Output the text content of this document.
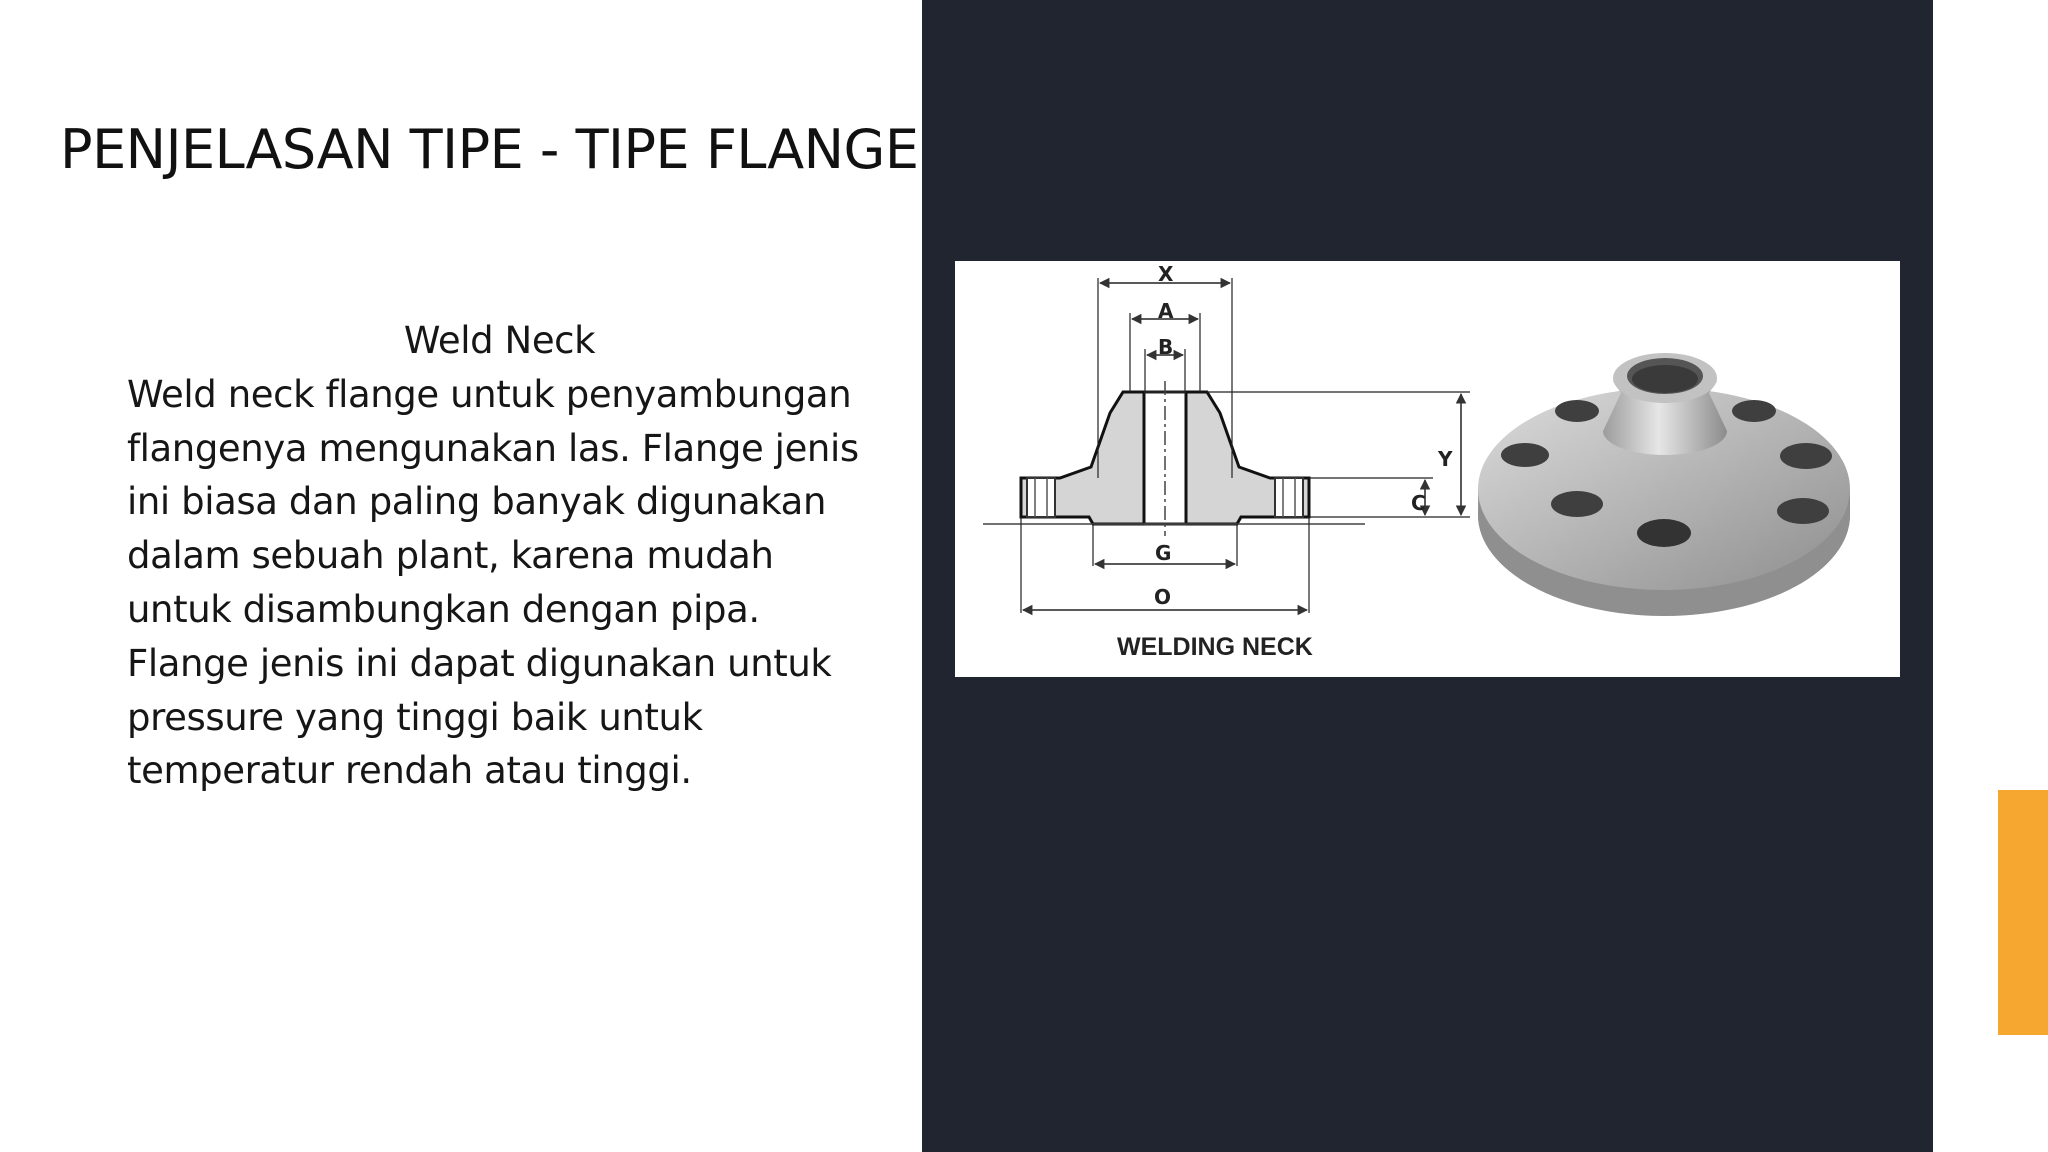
PENJELASAN TIPE - TIPE FLANGE
Weld Neck
Weld neck flange untuk penyambungan
flangenya mengunakan las. Flange jenis
ini biasa dan paling banyak digunakan
dalam sebuah plant, karena mudah
untuk disambungkan dengan pipa.
Flange jenis ini dapat digunakan untuk
pressure yang tinggi baik untuk
temperatur rendah atau tinggi.
X
A
B
Y
C
G
O
WELDING NECK
